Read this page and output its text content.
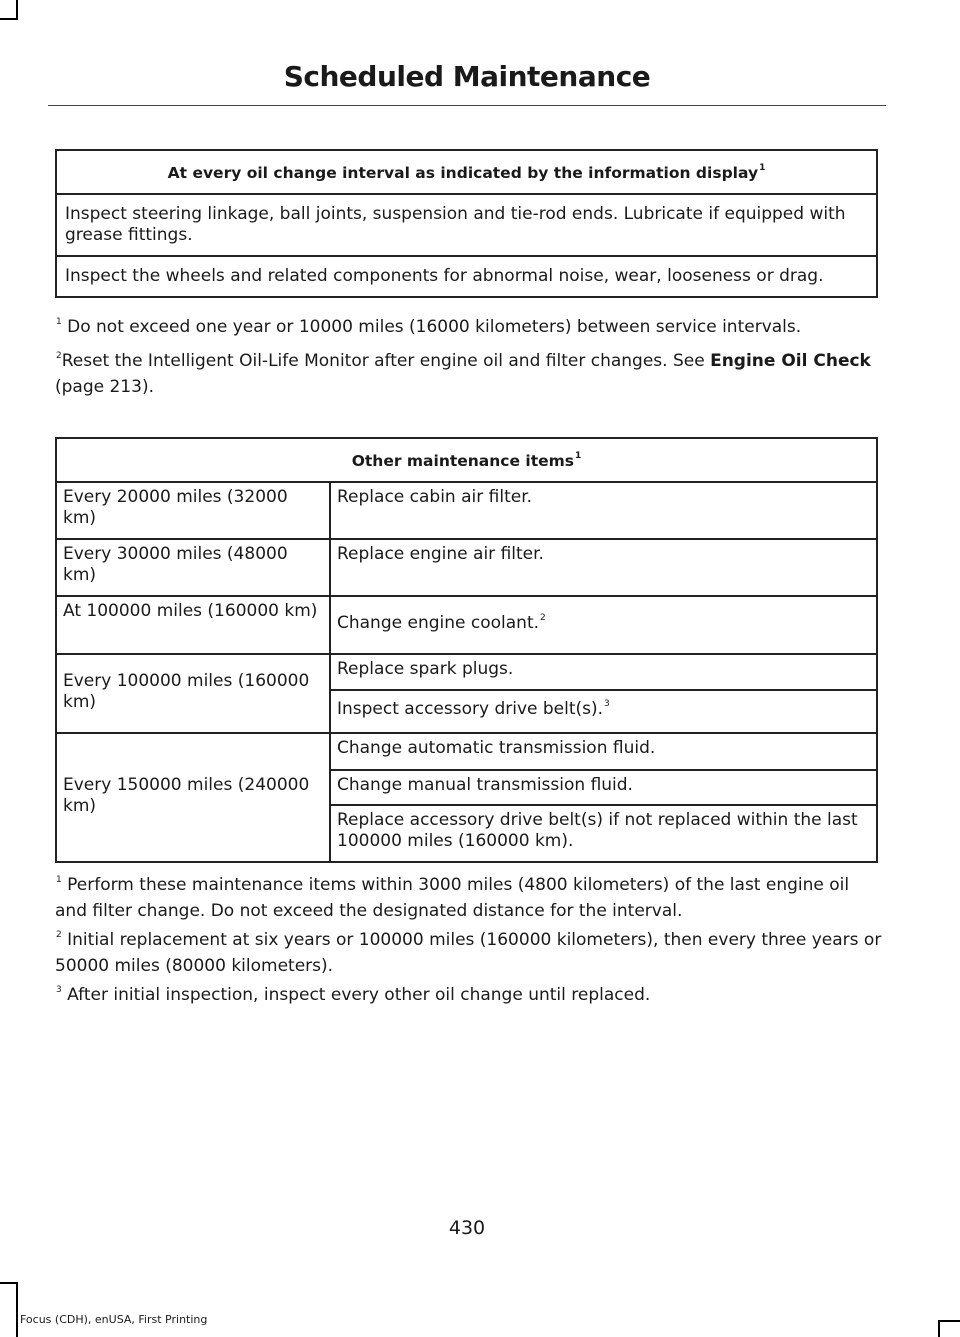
Scheduled Maintenance
At every oil change interval as indicated by the information display$^1$
Inspect steering linkage, ball joints, suspension and tie-rod ends. Lubricate if equipped with grease fittings.
Inspect the wheels and related components for abnormal noise, wear, looseness or drag.
$^1$ Do not exceed one year or 10000 miles (16000 kilometers) between service intervals.
$^2$Reset the Intelligent Oil-Life Monitor after engine oil and filter changes. See Engine Oil Check (page 213).
Other maintenance items$^1$
Every 20000 miles (32000 km)	Replace cabin air filter.
Every 30000 miles (48000 km)	Replace engine air filter.
At 100000 miles (160000 km)	Change engine coolant.$^2$
Every 100000 miles (160000 km)	Replace spark plugs.
	Inspect accessory drive belt(s).$^3$
Every 150000 miles (240000 km)	Change automatic transmission fluid.
	Change manual transmission fluid.
	Replace accessory drive belt(s) if not replaced within the last 100000 miles (160000 km).
$^1$ Perform these maintenance items within 3000 miles (4800 kilometers) of the last engine oil and filter change. Do not exceed the designated distance for the interval.
$^2$ Initial replacement at six years or 100000 miles (160000 kilometers), then every three years or 50000 miles (80000 kilometers).
$^3$ After initial inspection, inspect every other oil change until replaced.
430
Focus (CDH), enUSA, First Printing
